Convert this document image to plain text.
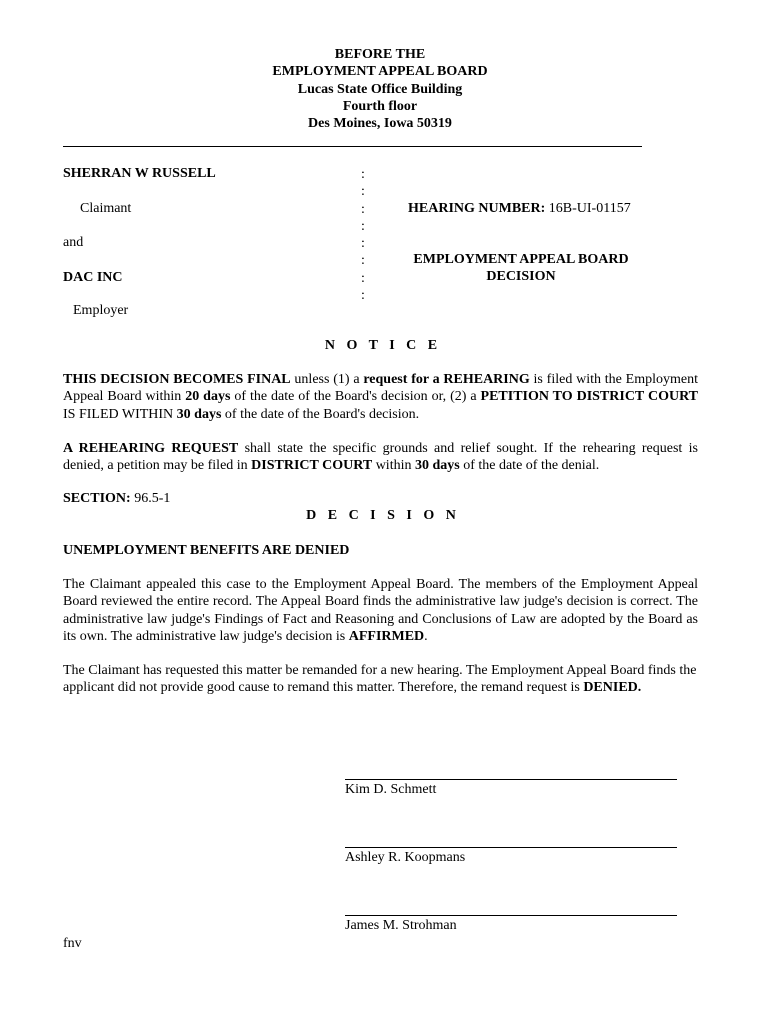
BEFORE THE
EMPLOYMENT APPEAL BOARD
Lucas State Office Building
Fourth floor
Des Moines, Iowa 50319
SHERRAN W RUSSELL
Claimant
and
DAC INC
Employer
:
:
:
:
:
:
:
:
HEARING NUMBER: 16B-UI-01157
EMPLOYMENT APPEAL BOARD
DECISION
N O T I C E
THIS DECISION BECOMES FINAL unless (1) a request for a REHEARING is filed with the Employment Appeal Board within 20 days of the date of the Board's decision or, (2) a PETITION TO DISTRICT COURT IS FILED WITHIN 30 days of the date of the Board's decision.
A REHEARING REQUEST shall state the specific grounds and relief sought. If the rehearing request is denied, a petition may be filed in DISTRICT COURT within 30 days of the date of the denial.
SECTION: 96.5-1
D E C I S I O N
UNEMPLOYMENT BENEFITS ARE DENIED
The Claimant appealed this case to the Employment Appeal Board. The members of the Employment Appeal Board reviewed the entire record. The Appeal Board finds the administrative law judge's decision is correct. The administrative law judge's Findings of Fact and Reasoning and Conclusions of Law are adopted by the Board as its own. The administrative law judge's decision is AFFIRMED.
The Claimant has requested this matter be remanded for a new hearing. The Employment Appeal Board finds the applicant did not provide good cause to remand this matter. Therefore, the remand request is DENIED.
Kim D. Schmett
Ashley R. Koopmans
James M. Strohman
fnv
